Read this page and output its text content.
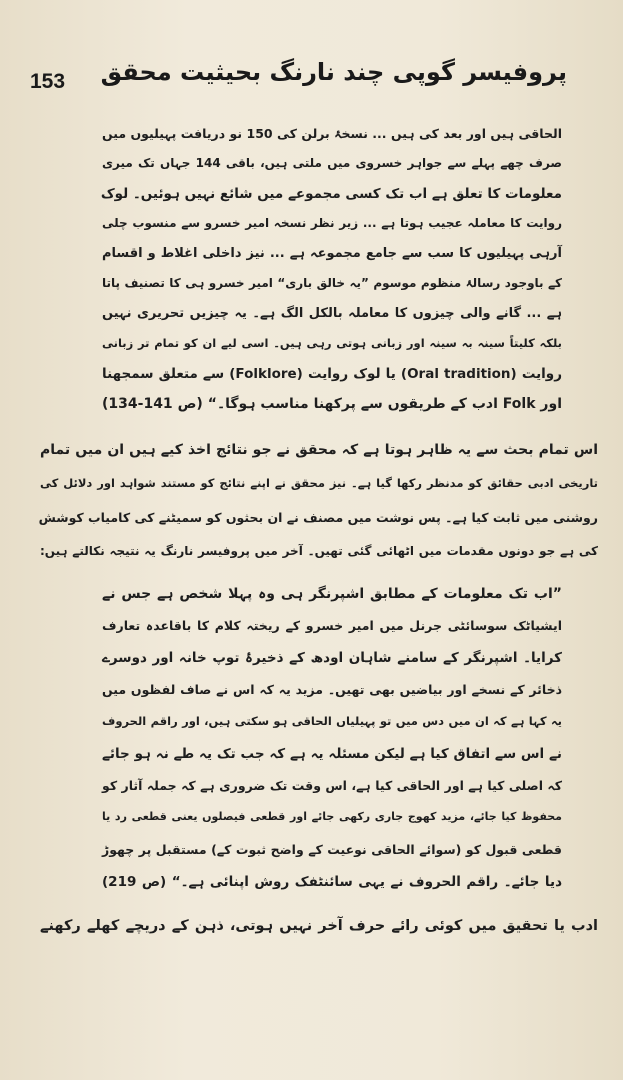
153 پروفیسر گوپی چند نارنگ بحیثیت محقق
الحاقی ہیں اور بعد کی ہیں ... نسخۂ برلن کی 150 نو دریافت پہیلیوں میں
صرف چھے پہلے سے جواہر خسروی میں ملتی ہیں، باقی 144 جہاں تک میری
معلومات کا تعلق ہے اب تک کسی مجموعے میں شائع نہیں ہوئیں۔ لوک
روایت کا معاملہ عجیب ہوتا ہے ... زیر نظر نسخہ امیر خسرو سے منسوب چلی
آرہی پہیلیوں کا سب سے جامع مجموعہ ہے ... نیز داخلی اغلاط و اقسام
کے باوجود رسالۂ منظوم موسوم ”یہ خالق باری“ امیر خسرو ہی کا تصنیف پاتا
ہے ... گانے والی چیزوں کا معاملہ بالکل الگ ہے۔ یہ چیزیں تحریری نہیں
بلکہ کلیتاً سینہ بہ سینہ اور زبانی ہوتی رہی ہیں۔ اسی لیے ان کو تمام تر زبانی
روایت (Oral tradition) یا لوک روایت (Folklore) سے متعلق سمجھنا
اور Folk ادب کے طریقوں سے پرکھنا مناسب ہوگا۔“ (ص 141-134)
اس تمام بحث سے یہ ظاہر ہوتا ہے کہ محقق نے جو نتائج اخذ کیے ہیں ان میں تمام
تاریخی ادبی حقائق کو مدنظر رکھا گیا ہے۔ نیز محقق نے اپنے نتائج کو مستند شواہد اور دلائل کی
روشنی میں ثابت کیا ہے۔ پس نوشت میں مصنف نے ان بحثوں کو سمیٹنے کی کامیاب کوشش
کی ہے جو دونوں مقدمات میں اٹھائی گئی تھیں۔ آخر میں پروفیسر نارنگ یہ نتیجہ نکالتے ہیں:
”اب تک معلومات کے مطابق اشپرنگر ہی وہ پہلا شخص ہے جس نے
ایشیاٹک سوسائٹی جرنل میں امیر خسرو کے ریختہ کلام کا باقاعدہ تعارف
کرایا۔ اشپرنگر کے سامنے شاہان اودھ کے ذخیرۂ توپ خانہ اور دوسرے
ذخائر کے نسخے اور بیاضیں بھی تھیں۔ مزید یہ کہ اس نے صاف لفظوں میں
یہ کہا ہے کہ ان میں دس میں تو پہیلیاں الحاقی ہو سکتی ہیں، اور راقم الحروف
نے اس سے اتفاق کیا ہے لیکن مسئلہ یہ ہے کہ جب تک یہ طے نہ ہو جائے
کہ اصلی کیا ہے اور الحاقی کیا ہے، اس وقت تک ضروری ہے کہ جملہ آثار کو
محفوظ کیا جائے، مزید کھوج جاری رکھی جائے اور قطعی فیصلوں یعنی قطعی رد یا
قطعی قبول کو (سوائے الحاقی نوعیت کے واضح ثبوت کے) مستقبل پر چھوڑ
دیا جائے۔ راقم الحروف نے یہی سائنٹفک روش اپنائی ہے۔“ (ص 219)
ادب یا تحقیق میں کوئی رائے حرف آخر نہیں ہوتی، ذہن کے دریچے کھلے رکھنے
